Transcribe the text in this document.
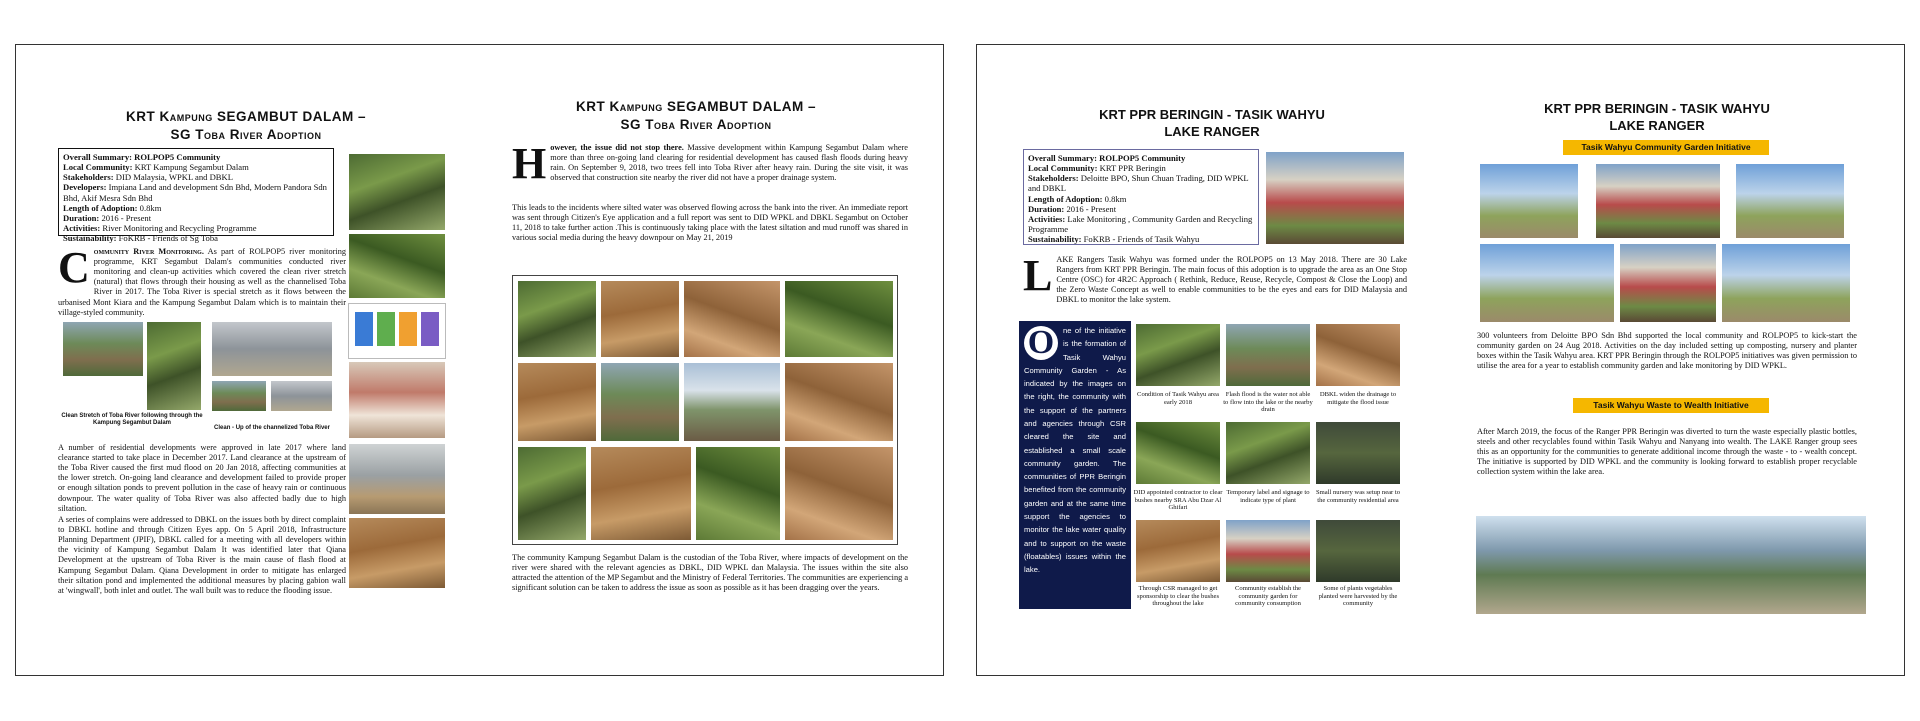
KRT Kampung SEGAMBUT DALAM –
SG Toba River Adoption
Overall Summary: ROLPOP5 Community
Local Community: KRT Kampung Segambut Dalam
Stakeholders: DID Malaysia, WPKL and DBKL
Developers: Impiana Land and development Sdn Bhd, Modern Pandora Sdn Bhd, Akif Mesra Sdn Bhd
Length of Adoption: 0.8km
Duration: 2016 - Present
Activities: River Monitoring and Recycling Programme
Sustainability: FoKRB - Friends of Sg Toba
Community River Monitoring. As part of ROLPOP5 river monitoring programme, KRT Segambut Dalam's communities conducted river monitoring and clean-up activities which covered the clean river stretch (natural) that flows through their housing as well as the channelised Toba River in 2017. The Toba River is special stretch as it flows between the urbanised Mont Kiara and the Kampung Segambut Dalam which is to maintain their village-styled community.
Clean Stretch of Toba River following through the Kampung Segambut Dalam
Clean - Up of the channelized Toba River
A number of residential developments were approved in late 2017 where land clearance started to take place in December 2017. Land clearance at the upstream of the Toba River caused the first mud flood on 20 Jan 2018, affecting communities at the lower stretch. On-going land clearance and development failed to provide proper or enough siltation ponds to prevent pollution in the case of heavy rain or continuous downpour. The water quality of Toba River was also affected badly due to high siltation.
A series of complains were addressed to DBKL on the issues both by direct complaint to DBKL hotline and through Citizen Eyes app. On 5 April 2018, Infrastructure Planning Department (JPIF), DBKL called for a meeting with all developers within the vicinity of Kampung Segambut Dalam It was identified later that Qiana Development at the upstream of Toba River is the main cause of flash flood at Kampung Segambut Dalam. Qiana Development in order to mitigate has enlarged their siltation pond and implemented the additional measures by placing gabion wall at 'wingwall', both inlet and outlet. The wall built was to reduce the flooding issue.
KRT Kampung SEGAMBUT DALAM –
SG Toba River Adoption
However, the issue did not stop there. Massive development within Kampung Segambut Dalam where more than three on-going land clearing for residential development has caused flash floods during heavy rain. On September 9, 2018, two trees fell into Toba River after heavy rain. During the site visit, it was observed that construction site nearby the river did not have a proper drainage system.
This leads to the incidents where silted water was observed flowing across the bank into the river. An immediate report was sent through Citizen's Eye application and a full report was sent to DID WPKL and DBKL Segambut on October 11, 2018 to take further action .This is continuously taking place with the latest siltation and mud runoff was shared in various social media during the heavy downpour on May 21, 2019
The community Kampung Segambut Dalam is the custodian of the Toba River, where impacts of development on the river were shared with the relevant agencies as DBKL, DID WPKL dan Malaysia. The issues within the site also attracted the attention of the MP Segambut and the Ministry of Federal Territories. The communities are experiencing a significant solution can be taken to address the issue as soon as possible as it has been dragging over the years.
KRT PPR BERINGIN - TASIK WAHYU
LAKE RANGER
Overall Summary: ROLPOP5 Community
Local Community: KRT PPR Beringin
Stakeholders: Deloitte BPO, Shun Chuan Trading, DID WPKL and DBKL
Length of Adoption: 0.8km
Duration: 2016 - Present
Activities: Lake Monitoring , Community Garden and Recycling Programme
Sustainability: FoKRB - Friends of Tasik Wahyu
LAKE Rangers Tasik Wahyu was formed under the ROLPOP5 on 13 May 2018. There are 30 Lake Rangers from KRT PPR Beringin. The main focus of this adoption is to upgrade the area as an One Stop Centre (OSC) for 4R2C Approach ( Rethink, Reduce, Reuse, Recycle, Compost & Close the Loop) and the Zero Waste Concept as well to enable communities to be the eyes and ears for DID Malaysia and DBKL to monitor the lake system.
O	ne of the initiative is the formation of Tasik Wahyu Community Garden - As indicated by the images on the right, the community with the support of the partners and agencies through CSR cleared the site and established a small scale community garden. The communities of PPR Beringin benefited from the community garden and at the same time support the agencies to monitor the lake water quality and to support on the waste (floatables) issues within the lake.
Condition of Tasik Wahyu area early 2018
Flash flood is the water not able to flow into the lake or the nearby drain
DBKL widen the drainage to mitigate the flood issue
DID appointed contractor to clear bushes nearby SRA Abu Dzar Al Ghifari
Temporary label and signage to indicate type of plant
Small nursery was setup near to the community residential area
Through CSR managed to get sponsorship to clear the bushes throughout the lake
Community establish the community garden for community consumption
Some of plants vegetables planted were harvested by the community
KRT PPR BERINGIN - TASIK WAHYU
LAKE RANGER
Tasik Wahyu Community Garden Initiative
300 volunteers from Deloitte BPO Sdn Bhd supported the local community and ROLPOP5 to kick-start the community garden on 24 Aug 2018. Activities on the day included setting up composting, nursery and planter boxes within the Tasik Wahyu area. KRT PPR Beringin through the ROLPOP5 initiatives was given permission to utilise the area for a year to establish community garden and lake monitoring by DID WPKL.
Tasik Wahyu Waste to Wealth Initiative
After March 2019, the focus of the Ranger PPR Beringin was diverted to turn the waste especially plastic bottles, steels and other recyclables found within Tasik Wahyu and Nanyang into wealth. The LAKE Ranger group sees this as an opportunity for the communities to generate additional income through the waste - to - wealth concept. The initiative is supported by DID WPKL and the community is looking forward to establish proper recyclable collection system within the lake area.
